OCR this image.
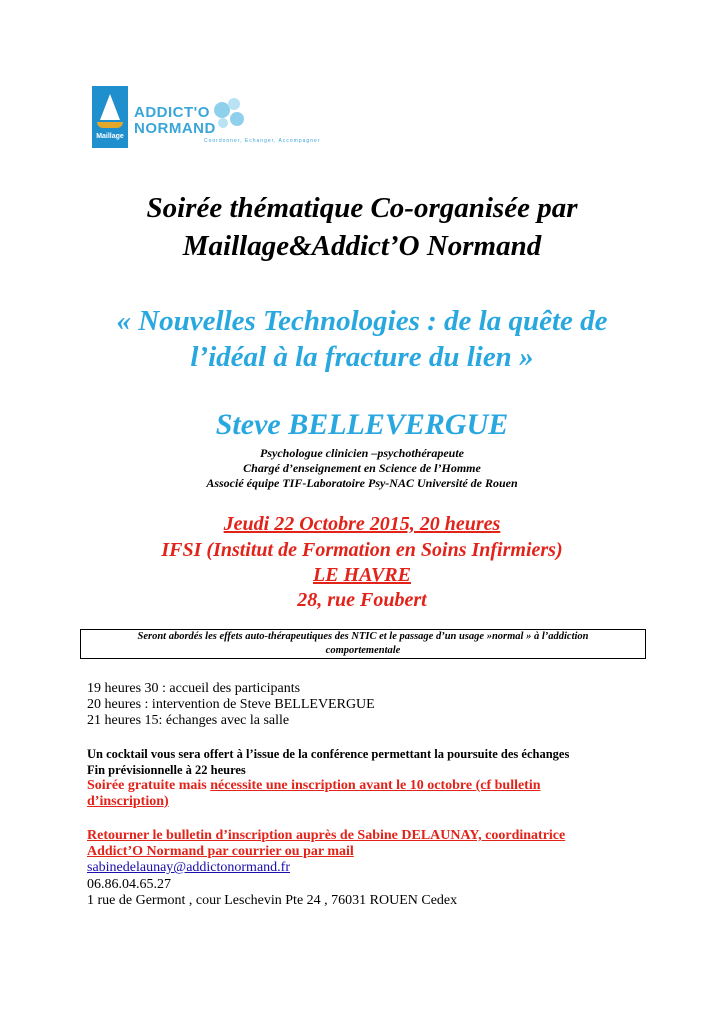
Maillage
ADDICT'O
NORMAND
Coordonner, Echanger, Accompagner
Soirée thématique Co-organisée par
Maillage&Addict’O Normand
« Nouvelles Technologies : de la quête de
l’idéal à la fracture du lien »
Steve BELLEVERGUE
Psychologue clinicien –psychothérapeute
Chargé d’enseignement en Science de l’Homme
Associé équipe TIF-Laboratoire Psy-NAC Université de Rouen
Jeudi 22 Octobre 2015, 20 heures
IFSI (Institut de Formation en Soins Infirmiers)
LE HAVRE
28, rue Foubert
Seront abordés les effets auto-thérapeutiques des NTIC et le passage d’un usage »normal » à l’addiction
comportementale
19 heures 30 : accueil des participants
20 heures : intervention de Steve BELLEVERGUE
21 heures 15: échanges avec la salle
Un cocktail vous sera offert à l’issue de la conférence permettant la poursuite des échanges
Fin prévisionnelle à 22 heures
Soirée gratuite mais nécessite une inscription avant le 10 octobre (cf bulletin
d’inscription)
Retourner le bulletin d’inscription auprès de Sabine DELAUNAY, coordinatrice
Addict’O Normand par courrier ou par mail
sabinedelaunay@addictonormand.fr
06.86.04.65.27
1 rue de Germont , cour Leschevin Pte 24 , 76031 ROUEN Cedex
